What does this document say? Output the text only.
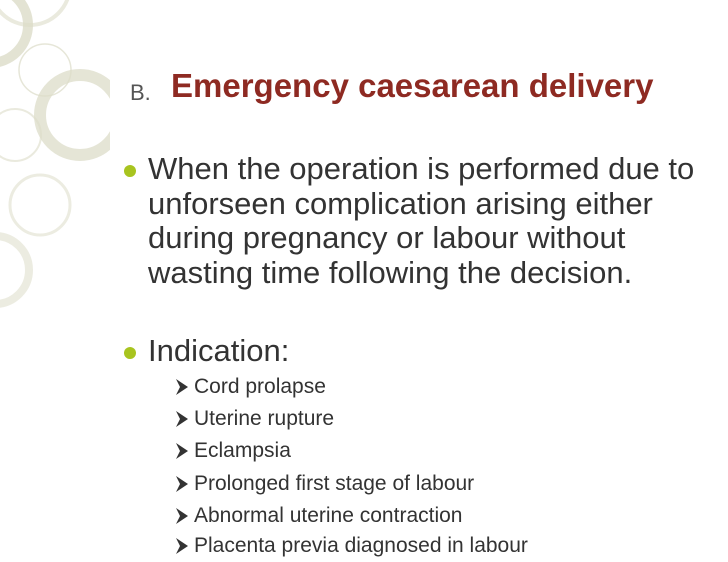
B. Emergency caesarean delivery
When the operation is performed due to unforseen complication arising either during pregnancy or labour without wasting time following the decision.
Indication:
Cord prolapse
Uterine rupture
Eclampsia
Prolonged first stage of labour
Abnormal uterine contraction
Placenta previa diagnosed in labour
